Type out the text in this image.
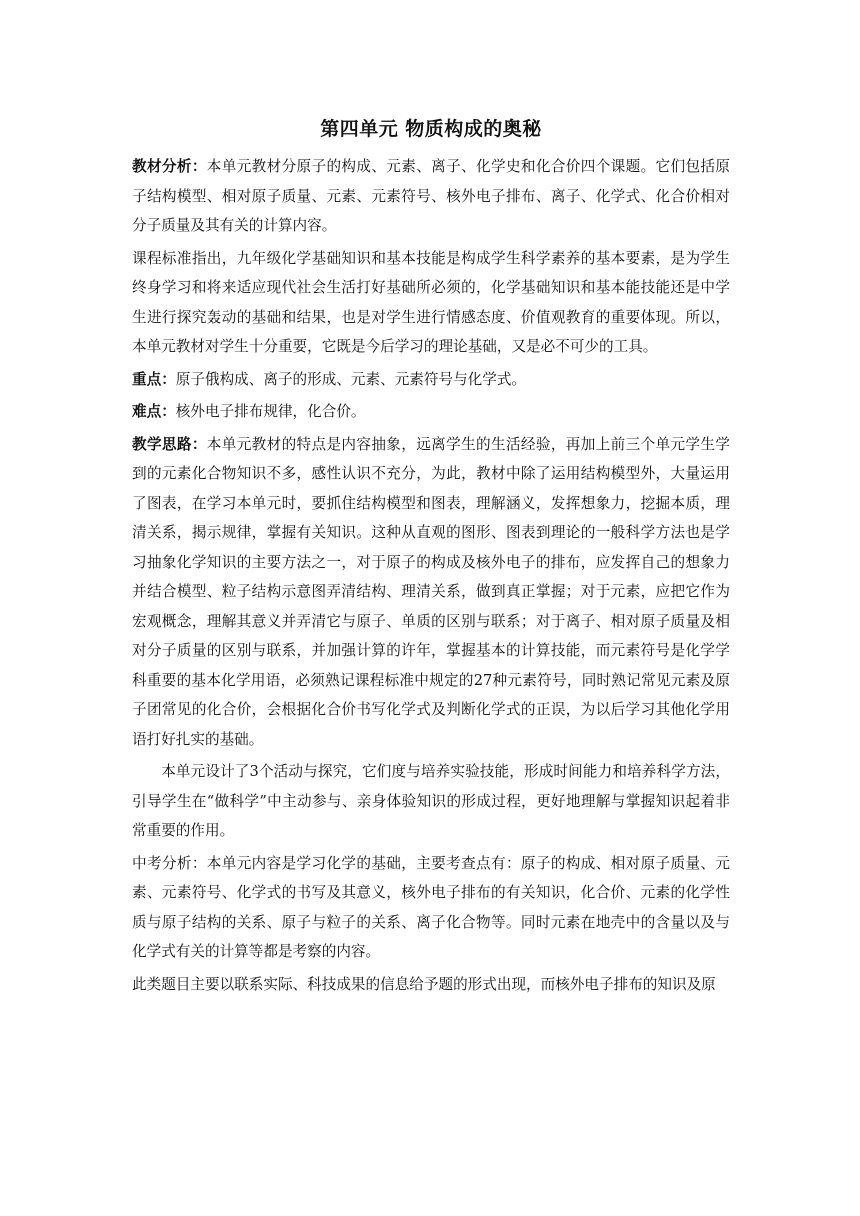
第四单元 物质构成的奥秘

教材分析：本单元教材分原子的构成、元素、离子、化学史和化合价四个课题。它们包括原子结构模型、相对原子质量、元素、元素符号、核外电子排布、离子、化学式、化合价相对分子质量及其有关的计算内容。

课程标准指出，九年级化学基础知识和基本技能是构成学生科学素养的基本要素，是为学生终身学习和将来适应现代社会生活打好基础所必须的，化学基础知识和基本能技能还是中学生进行探究轰动的基础和结果，也是对学生进行情感态度、价值观教育的重要体现。所以，本单元教材对学生十分重要，它既是今后学习的理论基础，又是必不可少的工具。

重点：原子俄构成、离子的形成、元素、元素符号与化学式。

难点：核外电子排布规律，化合价。

教学思路：本单元教材的特点是内容抽象，远离学生的生活经验，再加上前三个单元学生学到的元素化合物知识不多，感性认识不充分，为此，教材中除了运用结构模型外，大量运用了图表，在学习本单元时，要抓住结构模型和图表，理解涵义，发挥想象力，挖掘本质，理清关系，揭示规律，掌握有关知识。这种从直观的图形、图表到理论的一般科学方法也是学习抽象化学知识的主要方法之一，对于原子的构成及核外电子的排布，应发挥自己的想象力并结合模型、粒子结构示意图弄清结构、理清关系，做到真正掌握；对于元素，应把它作为宏观概念，理解其意义并弄清它与原子、单质的区别与联系；对于离子、相对原子质量及相对分子质量的区别与联系，并加强计算的许年，掌握基本的计算技能，而元素符号是化学学科重要的基本化学用语，必须熟记课程标准中规定的27种元素符号，同时熟记常见元素及原子团常见的化合价，会根据化合价书写化学式及判断化学式的正误，为以后学习其他化学用语打好扎实的基础。

本单元设计了3个活动与探究，它们度与培养实验技能，形成时间能力和培养科学方法，引导学生在“做科学”中主动参与、亲身体验知识的形成过程，更好地理解与掌握知识起着非常重要的作用。

中考分析：本单元内容是学习化学的基础，主要考查点有：原子的构成、相对原子质量、元素、元素符号、化学式的书写及其意义，核外电子排布的有关知识，化合价、元素的化学性质与原子结构的关系、原子与粒子的关系、离子化合物等。同时元素在地壳中的含量以及与化学式有关的计算等都是考察的内容。

此类题目主要以联系实际、科技成果的信息给予题的形式出现，而核外电子排布的知识及原
